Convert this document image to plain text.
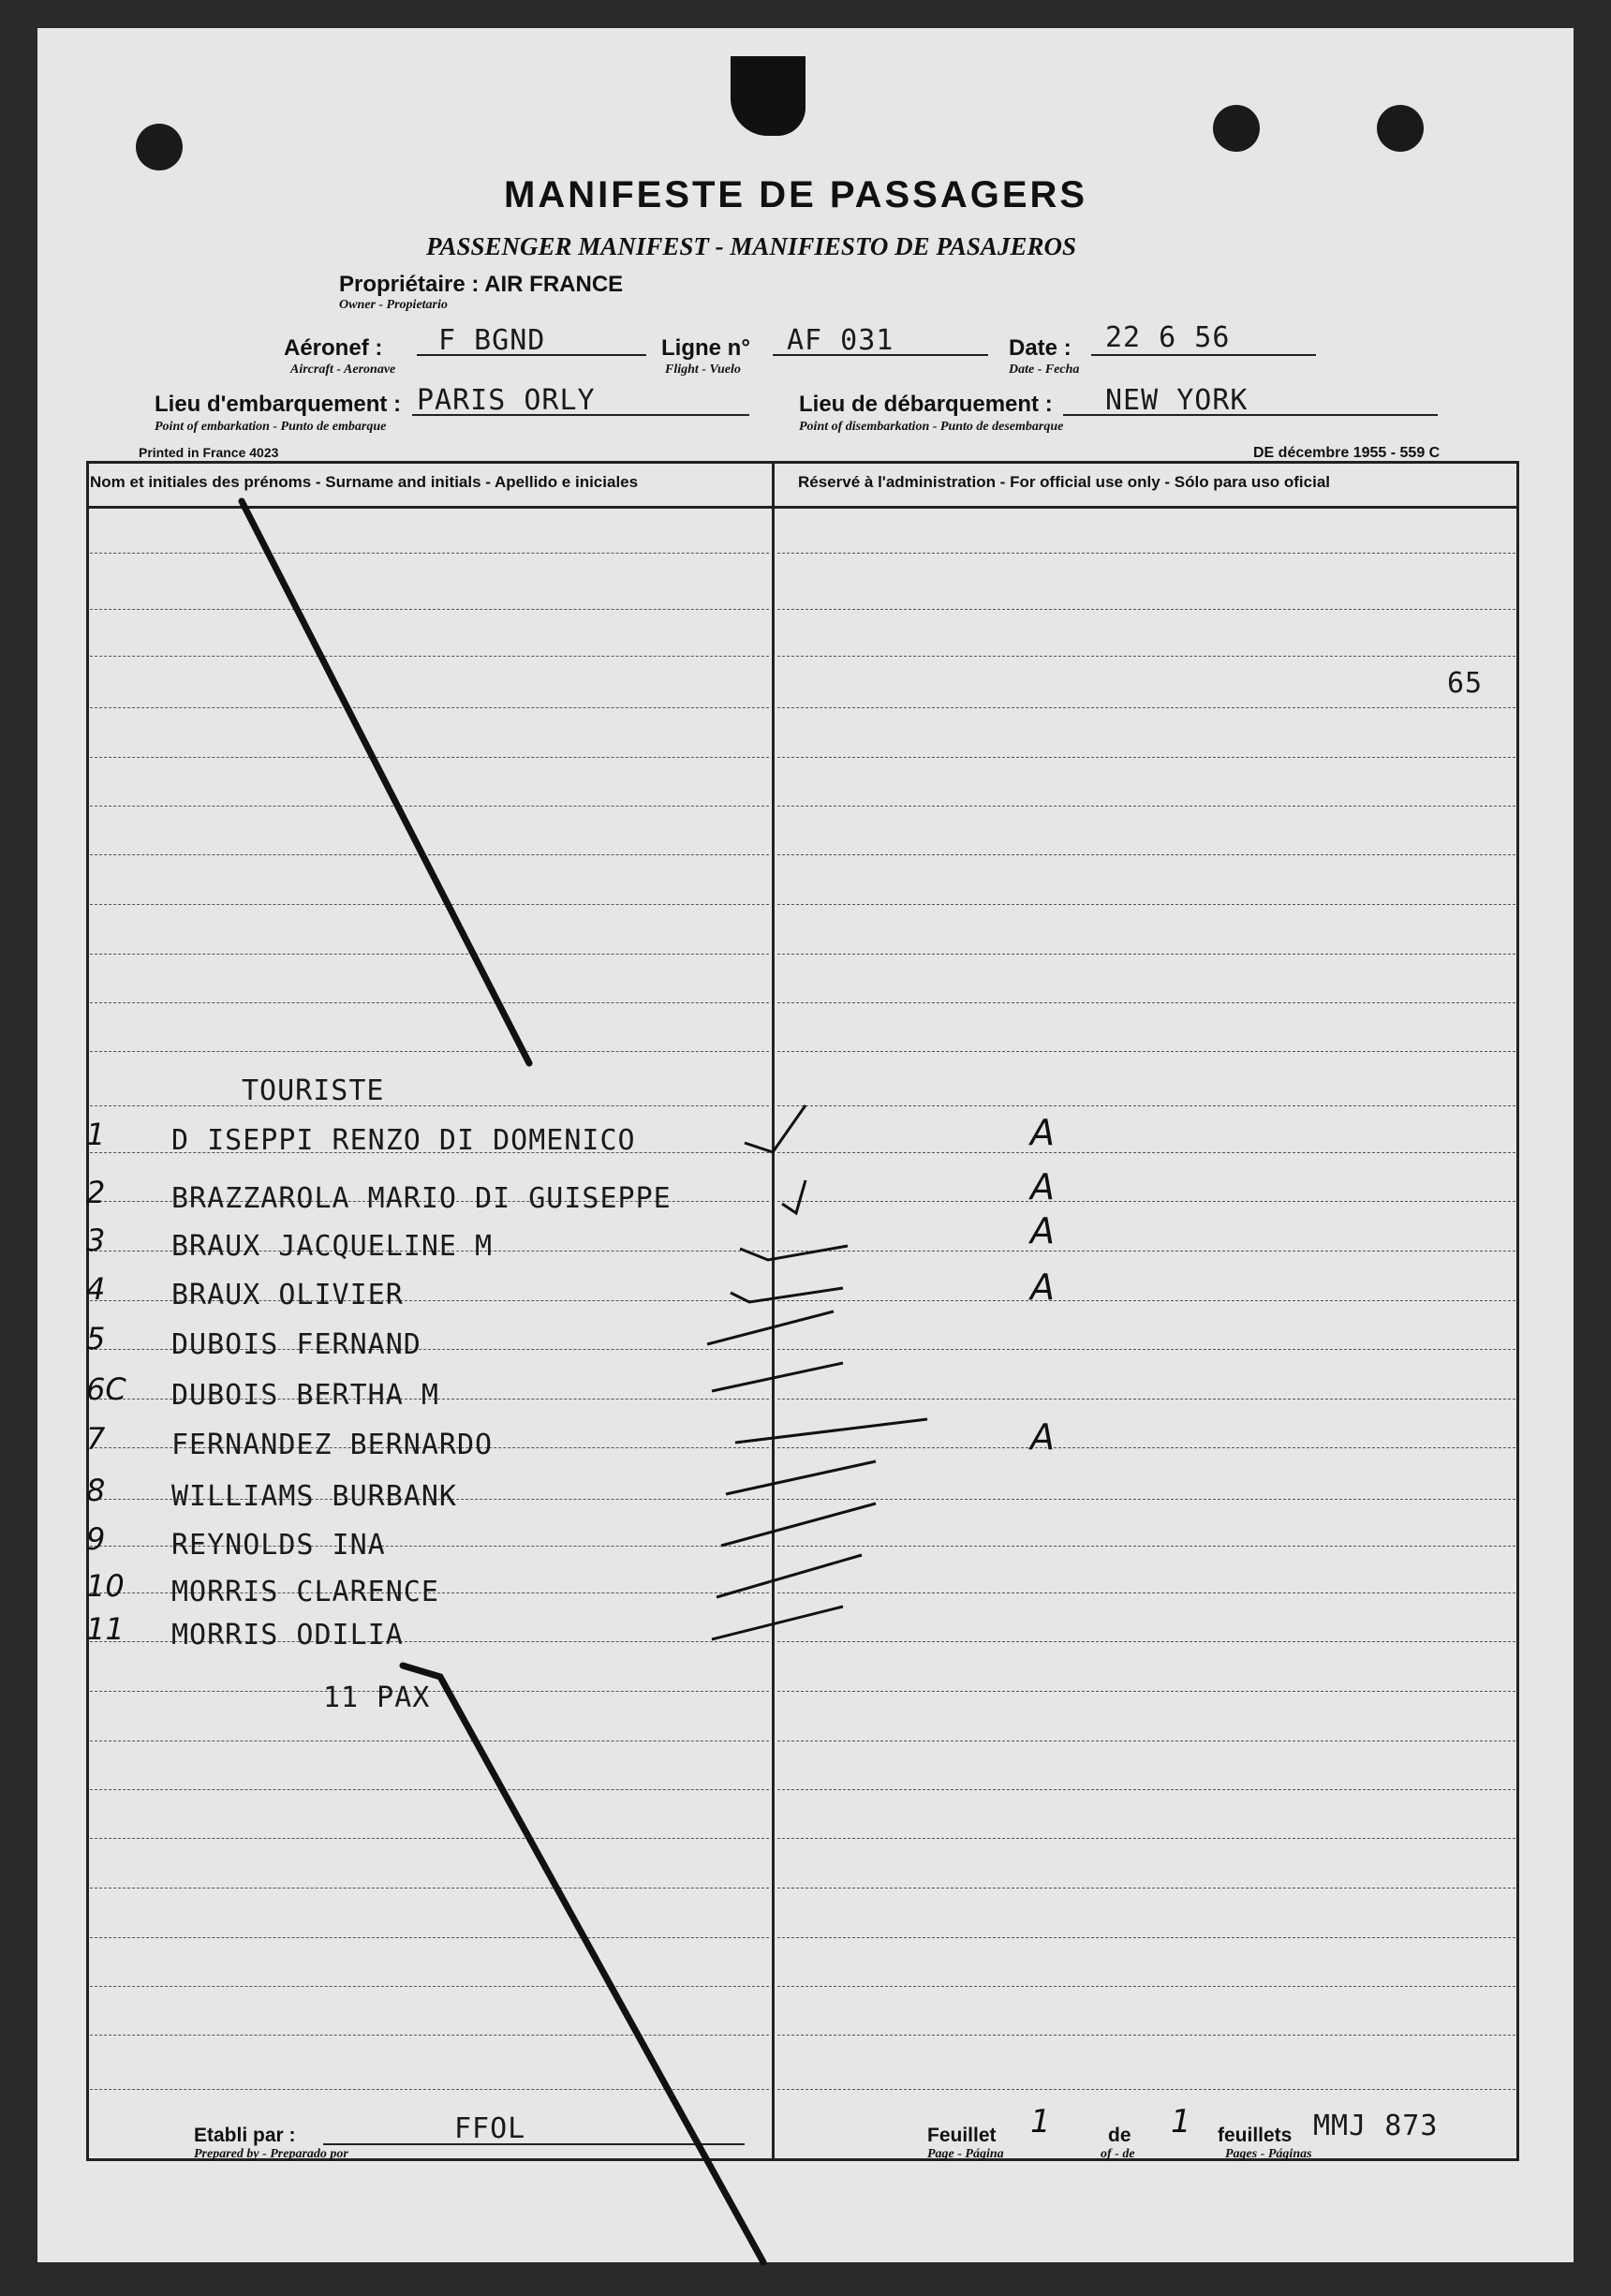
MANIFESTE DE PASSAGERS
PASSENGER MANIFEST - MANIFIESTO DE PASAJEROS
Propriétaire : AIR FRANCE
Owner - Propietario
Aéronef :
Aircraft - Aeronave
F BGND	Ligne n°
Flight - Vuelo
AF 031	Date :
Date - Fecha
22 6 56
Lieu d'embarquement :
Point of embarkation - Punto de embarque
PARIS ORLY	Lieu de débarquement :
Point of disembarkation - Punto de desembarque
NEW YORK
Printed in France 4023	DE décembre 1955 - 559 C
Nom et initiales des prénoms - Surname and initials - Apellido e iniciales	Réservé à l'administration - For official use only - Sólo para uso oficial
65
TOURISTE
1 D ISEPPI RENZO DI DOMENICO	A
2 BRAZZAROLA MARIO DI GUISEPPE	A
3 BRAUX JACQUELINE M	A
4 BRAUX OLIVIER	A
5 DUBOIS FERNAND
6C DUBOIS BERTHA M
7 FERNANDEZ BERNARDO	A
8 WILLIAMS BURBANK
9 REYNOLDS INA
10 MORRIS CLARENCE
11 MORRIS ODILIA
11 PAX
Etabli par :
Prepared by - Preparado por
FFOL	Feuillet
Page - Página
1	de
of - de
1 feuillets
Pages - Páginas
MMJ 873
